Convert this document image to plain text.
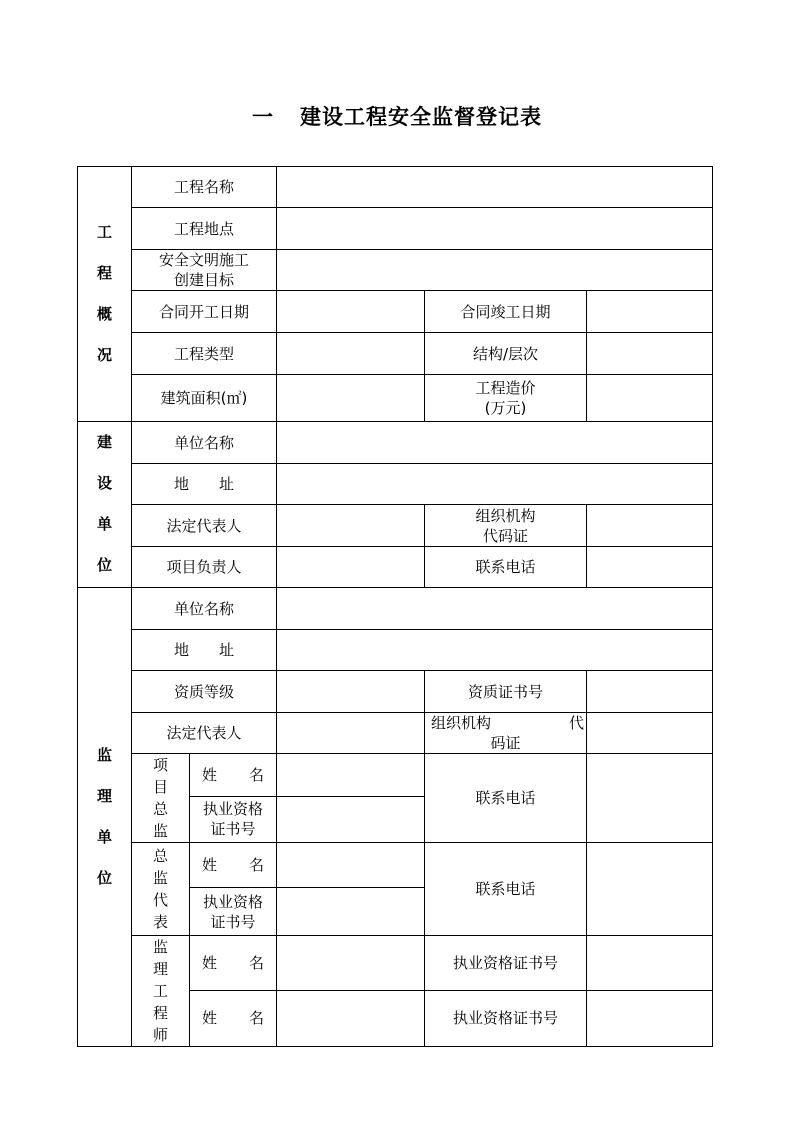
一 建设工程安全监督登记表
工程概况	工程名称				
	工程地点				

	安全文明施工
创建目标				

	合同开工日期			合同竣工日期	
	工程类型			结构/层次	
	建筑面积(㎡)			工程造价
(万元)	

建设单位	单位名称				
	地 址				
	法定代表人			组织机构
代码证	

	项目负责人			联系电话	

监理单位	单位名称				
	地 址				
	资质等级			资质证书号	
	法定代表人			组织机构 代
码证	

	项目总监	姓 名		联系电话	

		执业资格
证书号			

	总监代表	姓 名		联系电话	

		执业资格
证书号			

	监理工程师	姓 名		执业资格证书号	

		姓 名		执业资格证书号	
